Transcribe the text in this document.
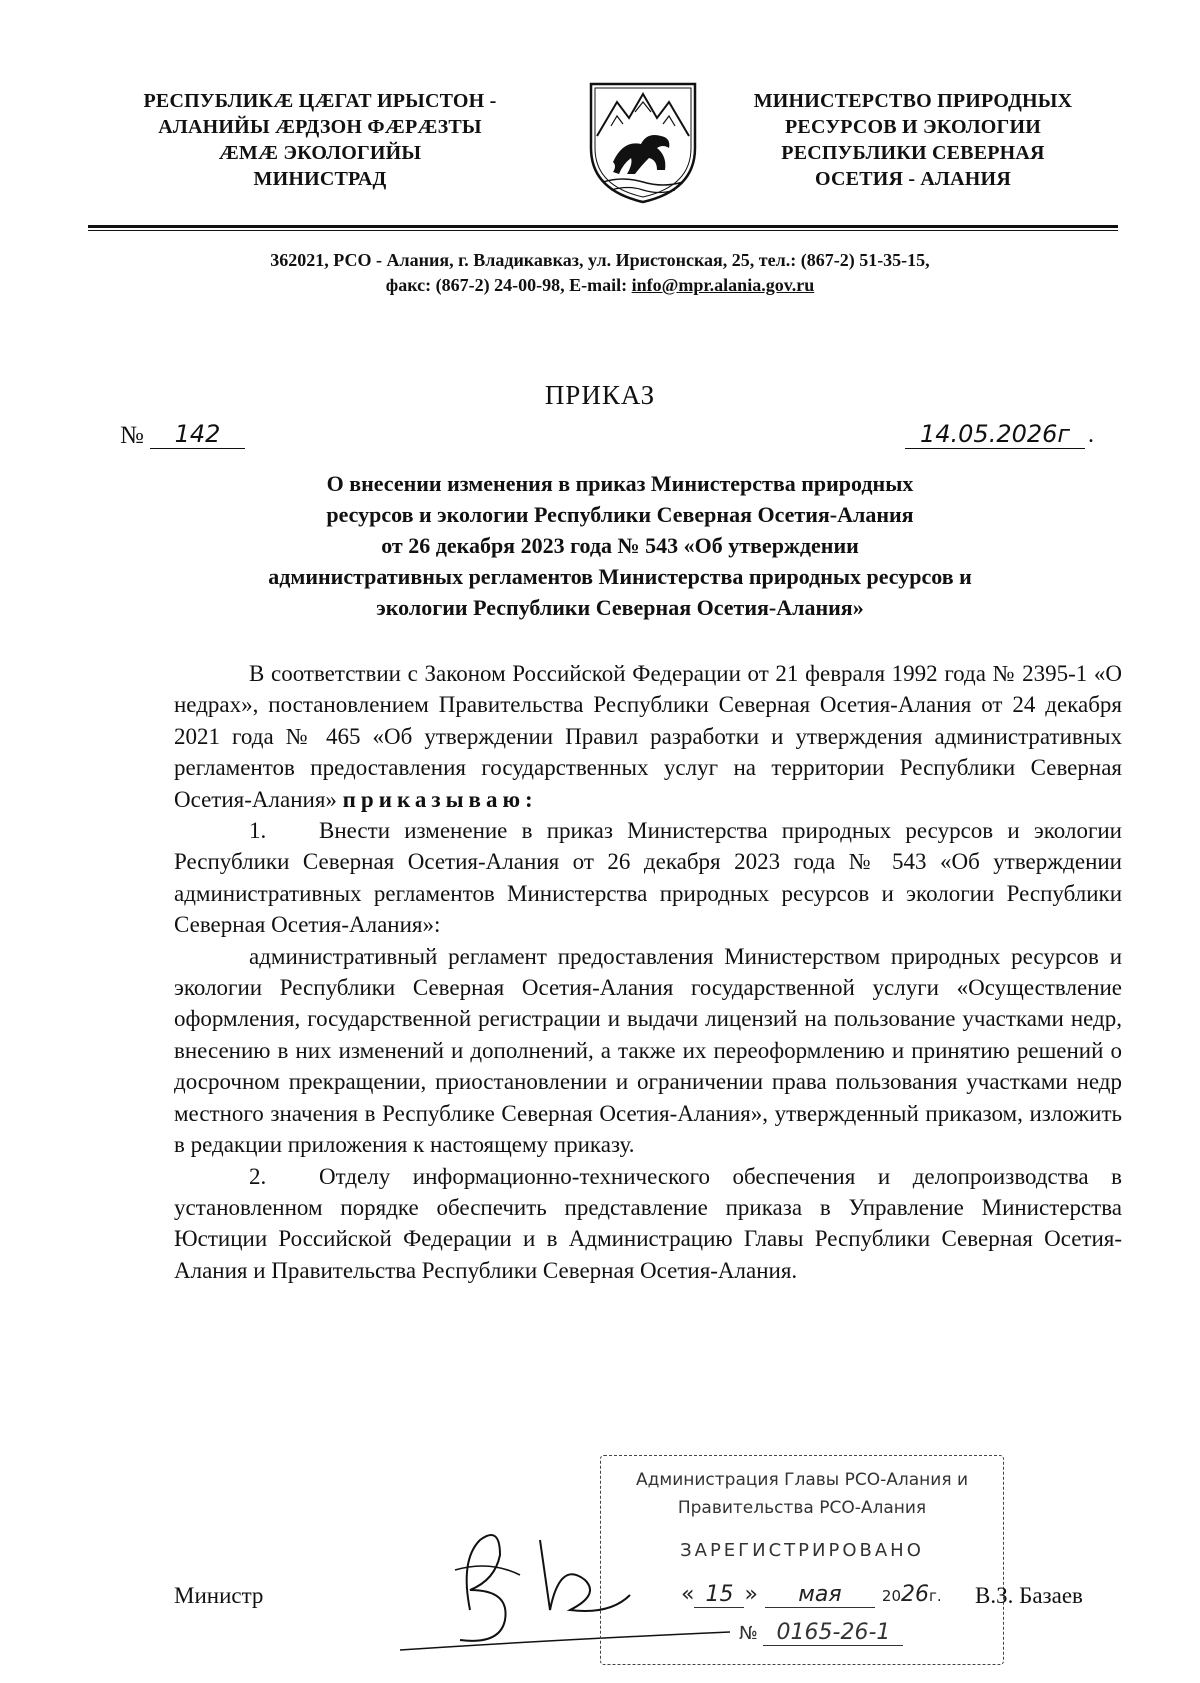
РЕСПУБЛИКӔ ЦӔГАТ ИРЫСТОН -
АЛАНИЙЫ ӔРДЗОН ФӔРӔЗТЫ
ӔМӔ ЭКОЛОГИЙЫ
МИНИСТРАД
МИНИСТЕРСТВО ПРИРОДНЫХ
РЕСУРСОВ И ЭКОЛОГИИ
РЕСПУБЛИКИ СЕВЕРНАЯ
ОСЕТИЯ - АЛАНИЯ
362021, РСО - Алания, г. Владикавказ, ул. Иристонская, 25, тел.: (867-2) 51-35-15,
факс: (867-2) 24-00-98, E-mail: info@mpr.alania.gov.ru
ПРИКАЗ
№	142	14.05.2026г .
О внесении изменения в приказ Министерства природных
ресурсов и экологии Республики Северная Осетия-Алания
от 26 декабря 2023 года № 543 «Об утверждении
административных регламентов Министерства природных ресурсов и
экологии Республики Северная Осетия-Алания»

В соответствии с Законом Российской Федерации от 21 февраля 1992 года № 2395-1 «О недрах», постановлением Правительства Республики Северная Осетия-Алания от 24 декабря 2021 года № 465 «Об утверждении Правил разработки и утверждения административных регламентов предоставления государственных услуг на территории Республики Северная Осетия-Алания» приказываю:

1. Внести изменение в приказ Министерства природных ресурсов и экологии Республики Северная Осетия-Алания от 26 декабря 2023 года № 543 «Об утверждении административных регламентов Министерства природных ресурсов и экологии Республики Северная Осетия-Алания»:

административный регламент предоставления Министерством природных ресурсов и экологии Республики Северная Осетия-Алания государственной услуги «Осуществление оформления, государственной регистрации и выдачи лицензий на пользование участками недр, внесению в них изменений и дополнений, а также их переоформлению и принятию решений о досрочном прекращении, приостановлении и ограничении права пользования участками недр местного значения в Республике Северная Осетия-Алания», утвержденный приказом, изложить в редакции приложения к настоящему приказу.

2. Отделу информационно-технического обеспечения и делопроизводства в установленном порядке обеспечить представление приказа в Управление Министерства Юстиции Российской Федерации и в Администрацию Главы Республики Северная Осетия-Алания и Правительства Республики Северная Осетия-Алания.

Министр
Администрация Главы РСО-Алания и
Правительства РСО-Алания
ЗАРЕГИСТРИРОВАНО
« 15 » мая	2026г.
№ 0165-26-1
В.З. Базаев
